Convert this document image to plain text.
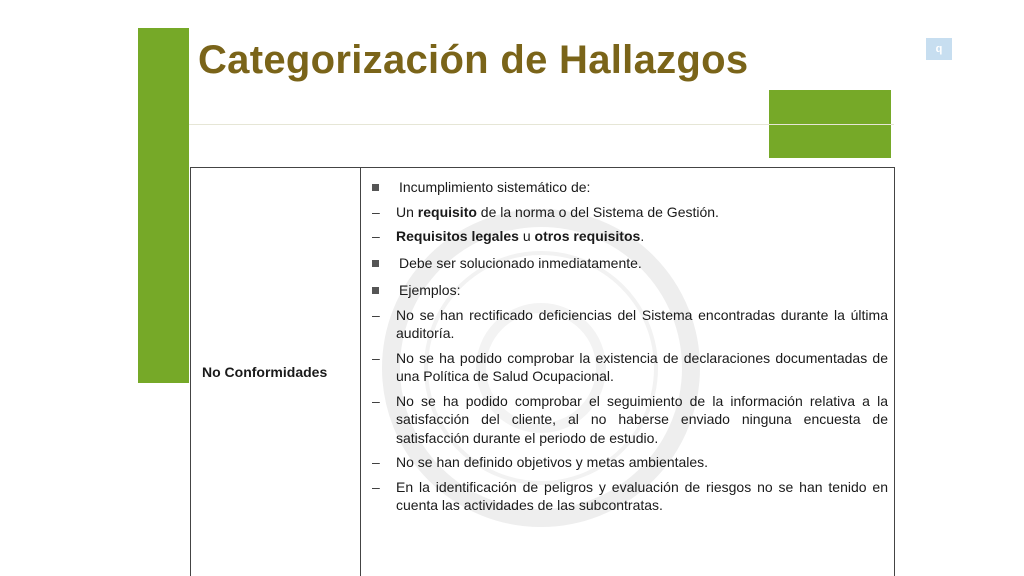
Categorización de Hallazgos	q
No Conformidades
Incumplimiento sistemático de:
–	Un requisito de la norma o del Sistema de Gestión.
–	Requisitos legales u otros requisitos.
Debe ser solucionado inmediatamente.
Ejemplos:
–	No se han rectificado deficiencias del Sistema encontradas durante la última auditoría.
–	No se ha podido comprobar la existencia de declaraciones documentadas de una Política de Salud Ocupacional.
–	No se ha podido comprobar el seguimiento de la información relativa a la satisfacción del cliente, al no haberse enviado ninguna encuesta de satisfacción durante el periodo de estudio.
–	No se han definido objetivos y metas ambientales.
–	En la identificación de peligros y evaluación de riesgos no se han tenido en cuenta las actividades de las subcontratas.
